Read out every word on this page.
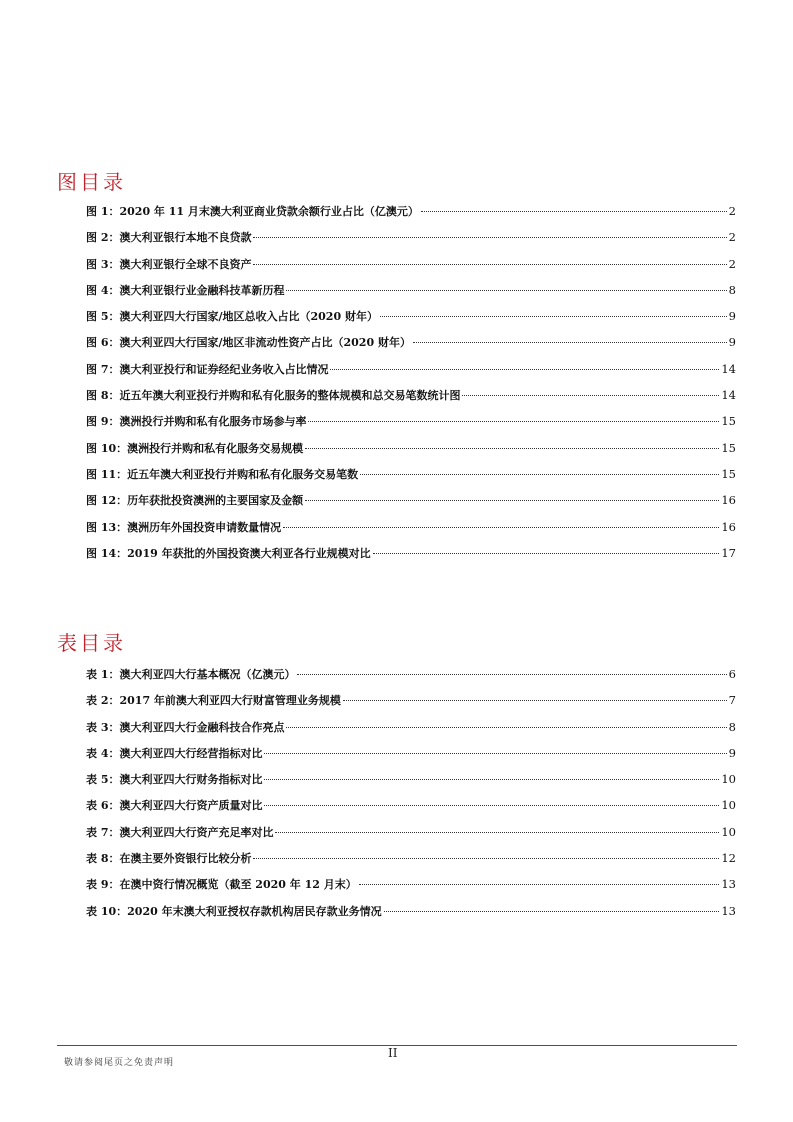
图目录
图 1：2020 年 11 月末澳大利亚商业贷款余额行业占比（亿澳元）	2
图 2：澳大利亚银行本地不良贷款	2
图 3：澳大利亚银行全球不良资产	2
图 4：澳大利亚银行业金融科技革新历程	8
图 5：澳大利亚四大行国家/地区总收入占比（2020 财年）	9
图 6：澳大利亚四大行国家/地区非流动性资产占比（2020 财年）	9
图 7：澳大利亚投行和证券经纪业务收入占比情况	14
图 8：近五年澳大利亚投行并购和私有化服务的整体规模和总交易笔数统计图	14
图 9：澳洲投行并购和私有化服务市场参与率	15
图 10：澳洲投行并购和私有化服务交易规模	15
图 11：近五年澳大利亚投行并购和私有化服务交易笔数	15
图 12：历年获批投资澳洲的主要国家及金额	16
图 13：澳洲历年外国投资申请数量情况	16
图 14：2019 年获批的外国投资澳大利亚各行业规模对比	17
表目录
表 1：澳大利亚四大行基本概况（亿澳元）	6
表 2：2017 年前澳大利亚四大行财富管理业务规模	7
表 3：澳大利亚四大行金融科技合作亮点	8
表 4：澳大利亚四大行经营指标对比	9
表 5：澳大利亚四大行财务指标对比	10
表 6：澳大利亚四大行资产质量对比	10
表 7：澳大利亚四大行资产充足率对比	10
表 8：在澳主要外资银行比较分析	12
表 9：在澳中资行情况概览（截至 2020 年 12 月末）	13
表 10：2020 年末澳大利亚授权存款机构居民存款业务情况	13
II
敬请参阅尾页之免责声明
